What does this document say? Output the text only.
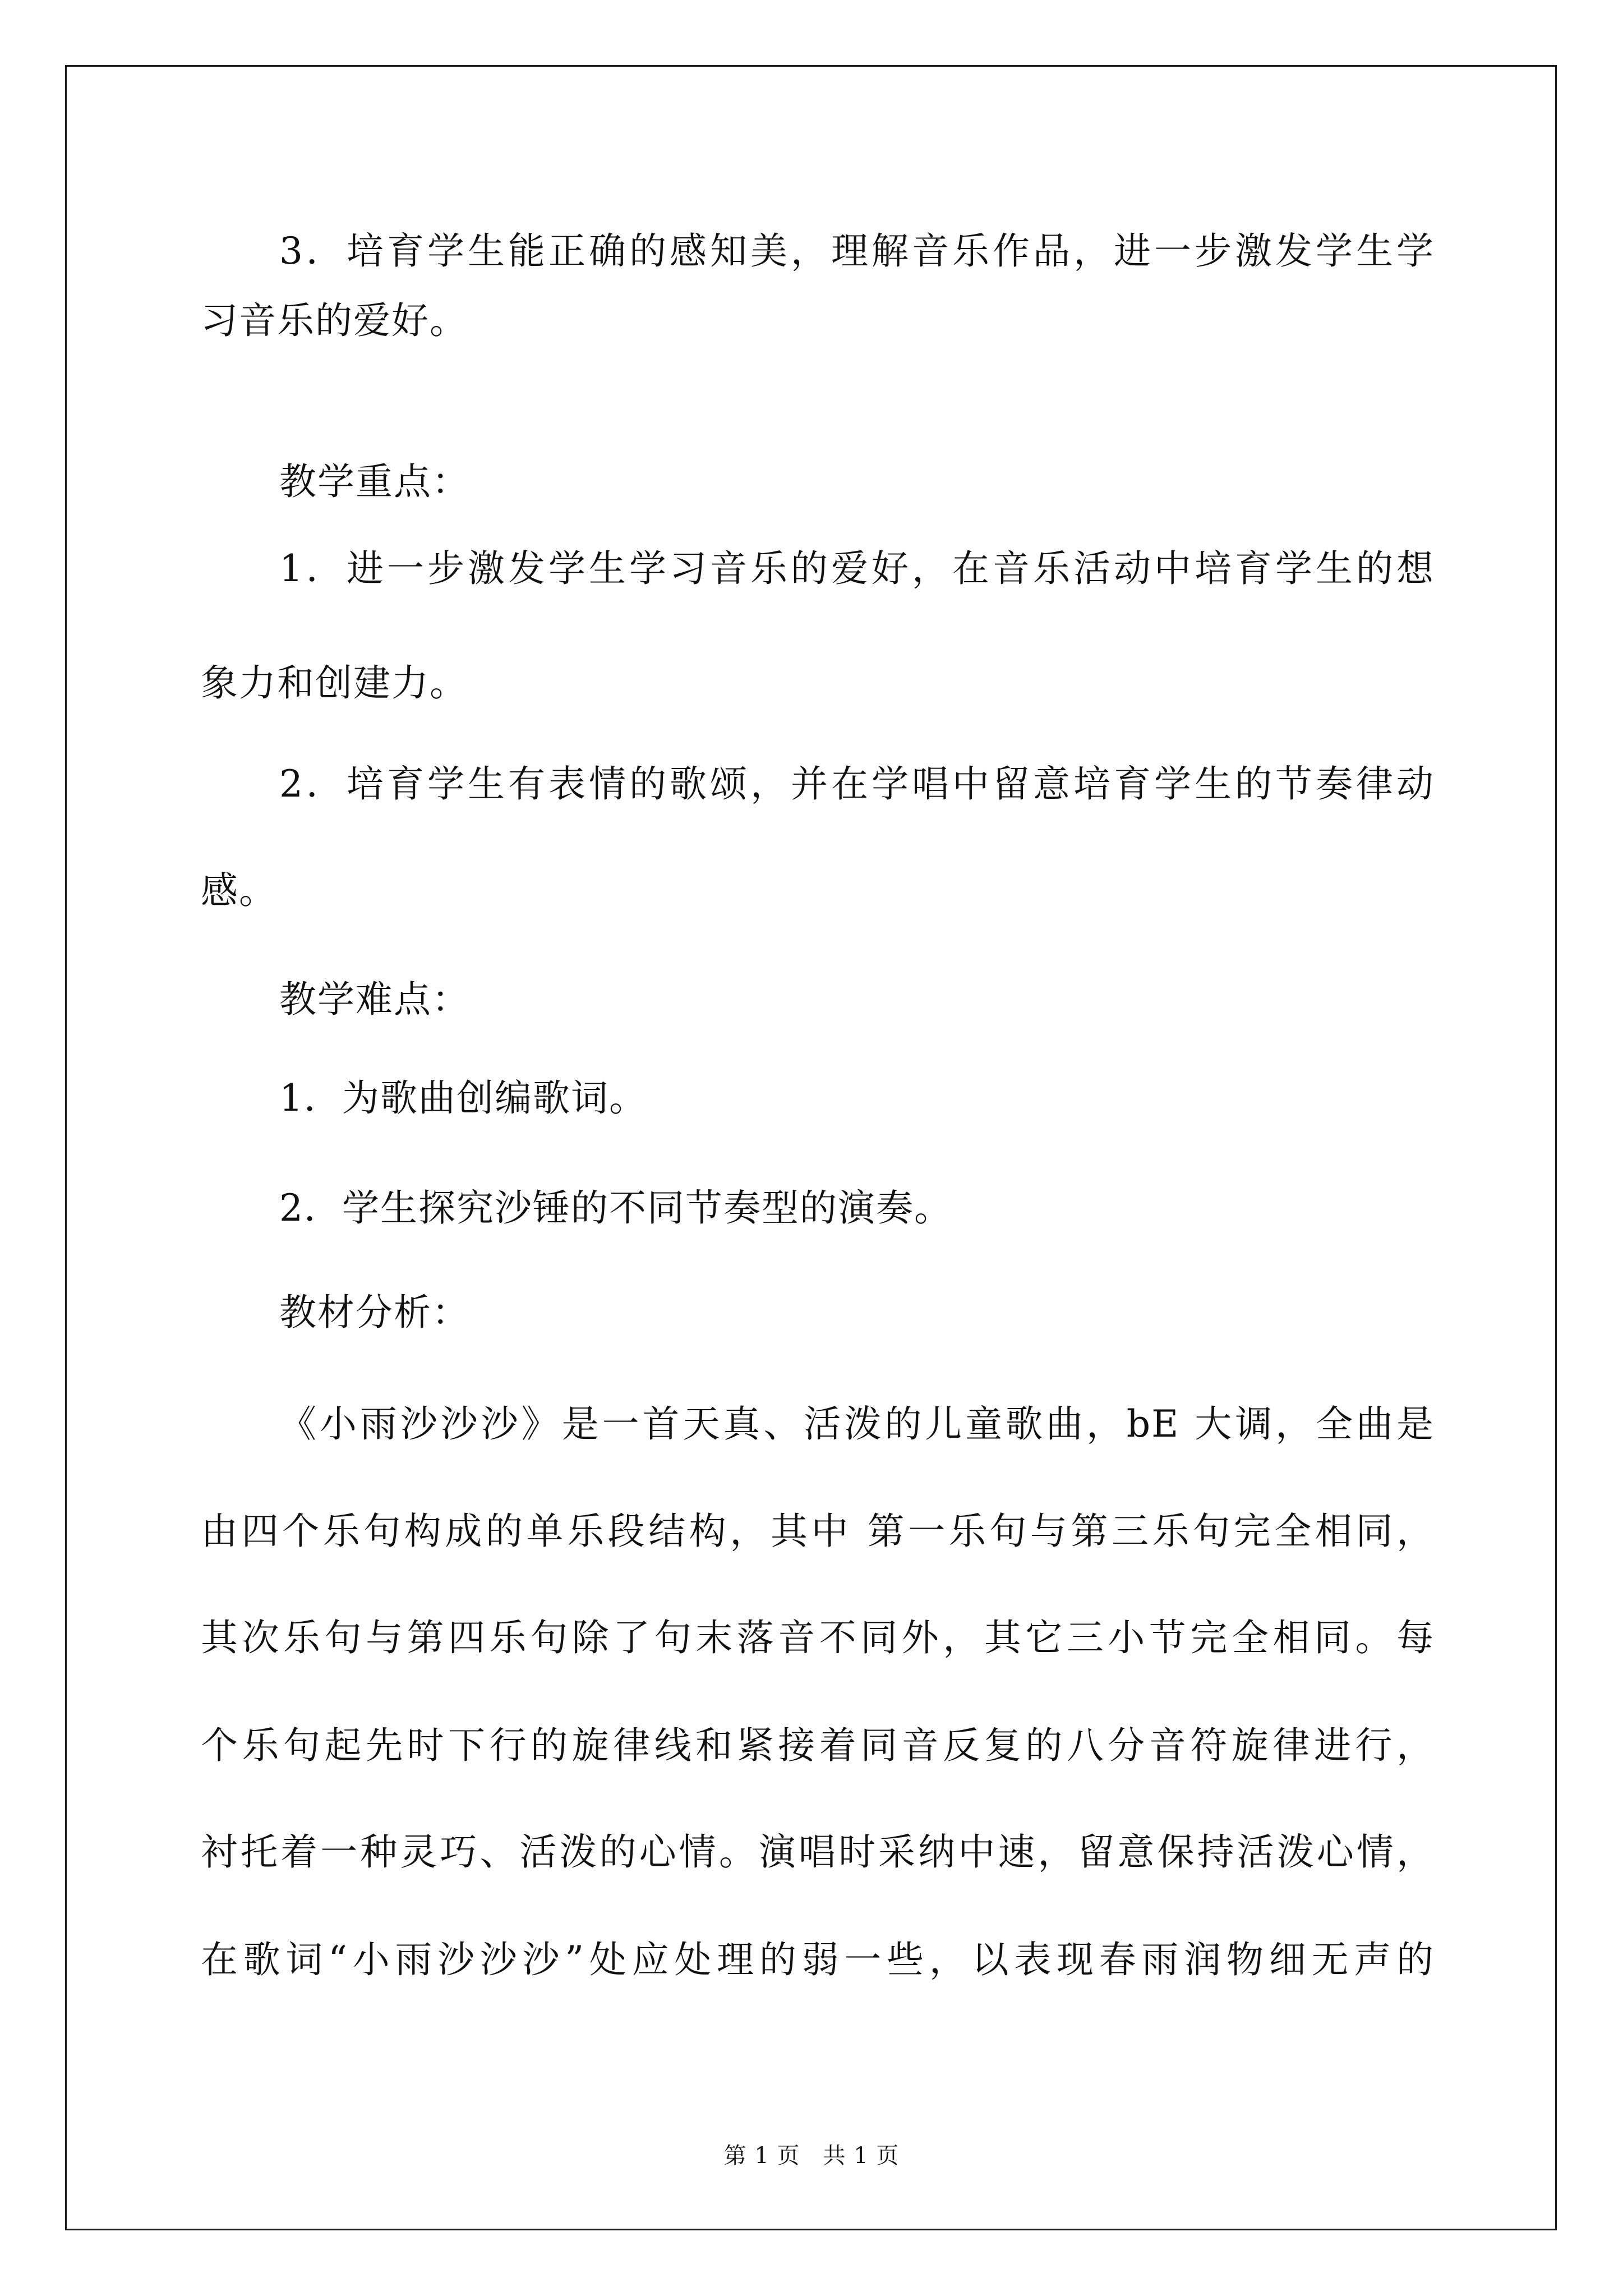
3．培育学生能正确的感知美，理解音乐作品，进一步激发学生学
习音乐的爱好。
教学重点：
1．进一步激发学生学习音乐的爱好，在音乐活动中培育学生的想
象力和创建力。
2．培育学生有表情的歌颂，并在学唱中留意培育学生的节奏律动
感。
教学难点：
1．为歌曲创编歌词。
2．学生探究沙锤的不同节奏型的演奏。
教材分析：
《小雨沙沙沙》是一首天真、活泼的儿童歌曲，bE 大调，全曲是
由四个乐句构成的单乐段结构，其中 第一乐句与第三乐句完全相同，
其次乐句与第四乐句除了句末落音不同外，其它三小节完全相同。每
个乐句起先时下行的旋律线和紧接着同音反复的八分音符旋律进行，
衬托着一种灵巧、活泼的心情。演唱时采纳中速，留意保持活泼心情，
在歌词“小雨沙沙沙”处应处理的弱一些，以表现春雨润物细无声的
第 1 页　共 1 页
